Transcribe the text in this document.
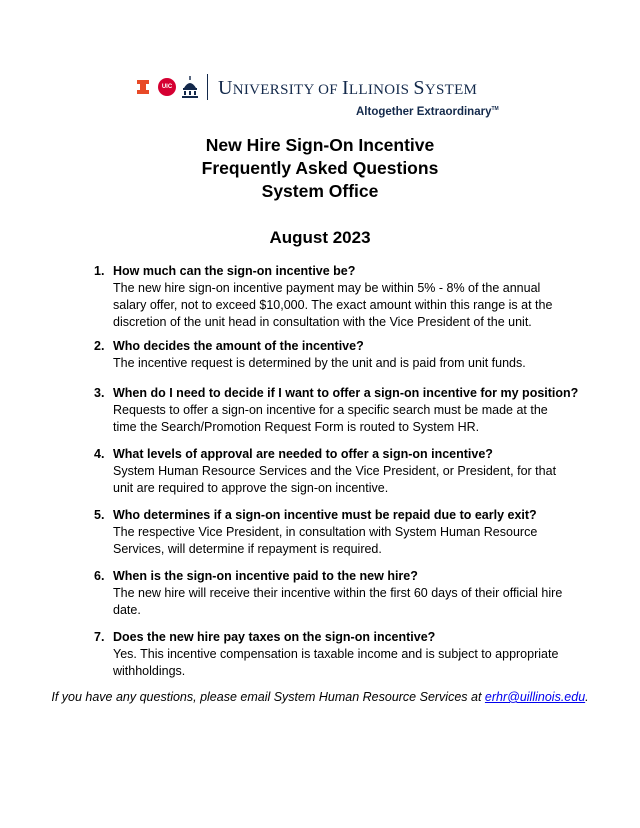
UIC UNIVERSITY OF ILLINOIS SYSTEM
Altogether Extraordinary™
New Hire Sign-On Incentive
Frequently Asked Questions
System Office
August 2023
1. How much can the sign-on incentive be?
The new hire sign-on incentive payment may be within 5% - 8% of the annual salary offer, not to exceed $10,000. The exact amount within this range is at the discretion of the unit head in consultation with the Vice President of the unit.
2. Who decides the amount of the incentive?
The incentive request is determined by the unit and is paid from unit funds.
3. When do I need to decide if I want to offer a sign-on incentive for my position?
Requests to offer a sign-on incentive for a specific search must be made at the time the Search/Promotion Request Form is routed to System HR.
4. What levels of approval are needed to offer a sign-on incentive?
System Human Resource Services and the Vice President, or President, for that unit are required to approve the sign-on incentive.
5. Who determines if a sign-on incentive must be repaid due to early exit?
The respective Vice President, in consultation with System Human Resource Services, will determine if repayment is required.
6. When is the sign-on incentive paid to the new hire?
The new hire will receive their incentive within the first 60 days of their official hire date.
7. Does the new hire pay taxes on the sign-on incentive?
Yes. This incentive compensation is taxable income and is subject to appropriate withholdings.
If you have any questions, please email System Human Resource Services at erhr@uillinois.edu.
